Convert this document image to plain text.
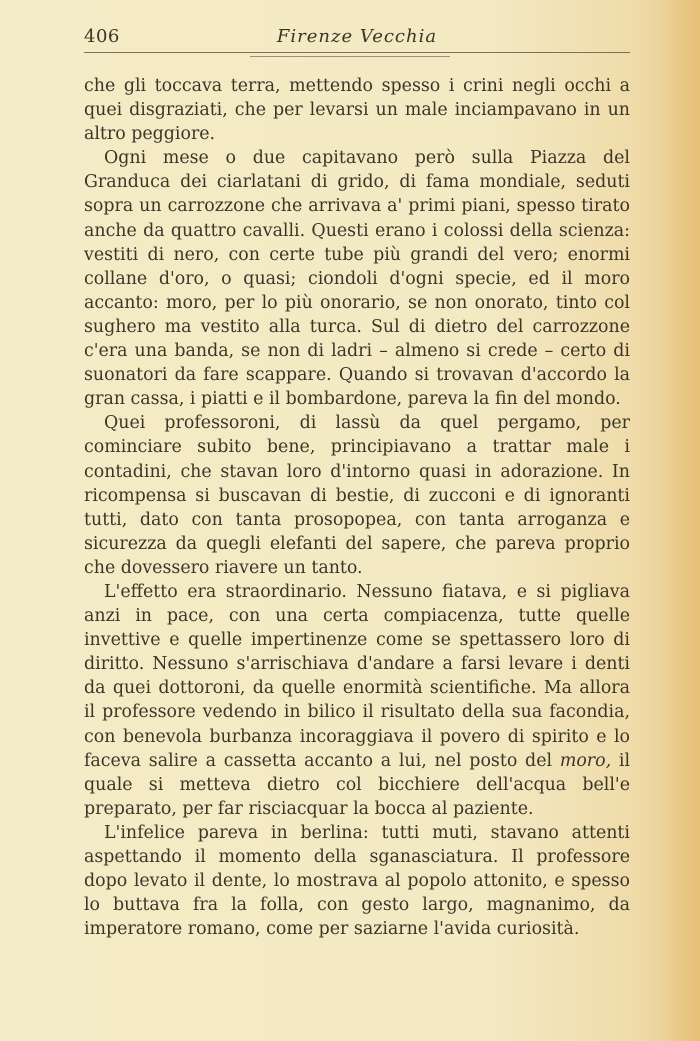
406	Firenze Vecchia

che gli toccava terra, mettendo spesso i crini negli occhi a quei disgraziati, che per levarsi un male inciampavano in un altro peggiore.

Ogni mese o due capitavano però sulla Piazza del Granduca dei ciarlatani di grido, di fama mondiale, seduti sopra un carrozzone che arrivava a' primi piani, spesso tirato anche da quattro cavalli. Questi erano i colossi della scienza: vestiti di nero, con certe tube più grandi del vero; enormi collane d'oro, o quasi; ciondoli d'ogni specie, ed il moro accanto: moro, per lo più onorario, se non onorato, tinto col sughero ma vestito alla turca. Sul di dietro del carrozzone c'era una banda, se non di ladri – almeno si crede – certo di suonatori da fare scappare. Quando si trovavan d'accordo la gran cassa, i piatti e il bombardone, pareva la fin del mondo.

Quei professoroni, di lassù da quel pergamo, per cominciare subito bene, principiavano a trattar male i contadini, che stavan loro d'intorno quasi in adorazione. In ricompensa si buscavan di bestie, di zucconi e di ignoranti tutti, dato con tanta prosopopea, con tanta arroganza e sicurezza da quegli elefanti del sapere, che pareva proprio che dovessero riavere un tanto.

L'effetto era straordinario. Nessuno fiatava, e si pigliava anzi in pace, con una certa compiacenza, tutte quelle invettive e quelle impertinenze come se spettassero loro di diritto. Nessuno s'arrischiava d'andare a farsi levare i denti da quei dottoroni, da quelle enormità scientifiche. Ma allora il professore vedendo in bilico il risultato della sua facondia, con benevola burbanza incoraggiava il povero di spirito e lo faceva salire a cassetta accanto a lui, nel posto del moro, il quale si metteva dietro col bicchiere dell'acqua bell'e preparato, per far risciacquar la bocca al paziente.

L'infelice pareva in berlina: tutti muti, stavano attenti aspettando il momento della sganasciatura. Il professore dopo levato il dente, lo mostrava al popolo attonito, e spesso lo buttava fra la folla, con gesto largo, magnanimo, da imperatore romano, come per saziarne l'avida curiosità.
